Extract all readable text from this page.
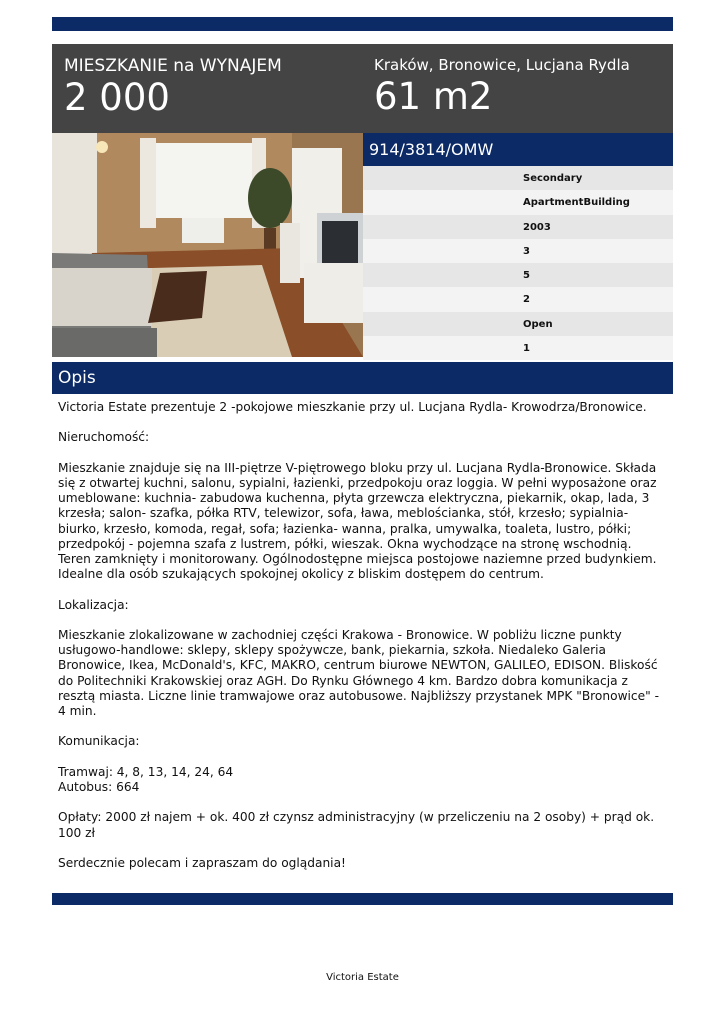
MIESZKANIE na WYNAJEM
2 000
Kraków, Bronowice, Lucjana Rydla
61 m2
914/3814/OMW
Secondary
ApartmentBuilding
2003
3
5
2
Open
1
Opis

Victoria Estate prezentuje 2 -pokojowe mieszkanie przy ul. Lucjana Rydla- Krowodrza/Bronowice.

Nieruchomość:

Mieszkanie znajduje się na III-piętrze V-piętrowego bloku przy ul. Lucjana Rydla-Bronowice. Składa się z otwartej kuchni, salonu, sypialni, łazienki, przedpokoju oraz loggia. W pełni wyposażone oraz umeblowane: kuchnia- zabudowa kuchenna, płyta grzewcza elektryczna, piekarnik, okap, lada, 3 krzesła; salon- szafka, półka RTV, telewizor, sofa, ława, meblościanka, stół, krzesło; sypialnia- biurko, krzesło, komoda, regał, sofa; łazienka- wanna, pralka, umywalka, toaleta, lustro, półki; przedpokój - pojemna szafa z lustrem, półki, wieszak. Okna wychodzące na stronę wschodnią. Teren zamknięty i monitorowany. Ogólnodostępne miejsca postojowe naziemne przed budynkiem. Idealne dla osób szukających spokojnej okolicy z bliskim dostępem do centrum.

Lokalizacja:

Mieszkanie zlokalizowane w zachodniej części Krakowa - Bronowice. W pobliżu liczne punkty usługowo-handlowe: sklepy, sklepy spożywcze, bank, piekarnia, szkoła. Niedaleko Galeria Bronowice, Ikea, McDonald's, KFC, MAKRO, centrum biurowe NEWTON, GALILEO, EDISON. Bliskość do Politechniki Krakowskiej oraz AGH. Do Rynku Głównego 4 km. Bardzo dobra komunikacja z resztą miasta. Liczne linie tramwajowe oraz autobusowe. Najbliższy przystanek MPK "Bronowice" - 4 min.

Komunikacja:

Tramwaj: 4, 8, 13, 14, 24, 64
Autobus: 664

Opłaty: 2000 zł najem + ok. 400 zł czynsz administracyjny (w przeliczeniu na 2 osoby) + prąd ok. 100 zł

Serdecznie polecam i zapraszam do oglądania!

Victoria Estate
